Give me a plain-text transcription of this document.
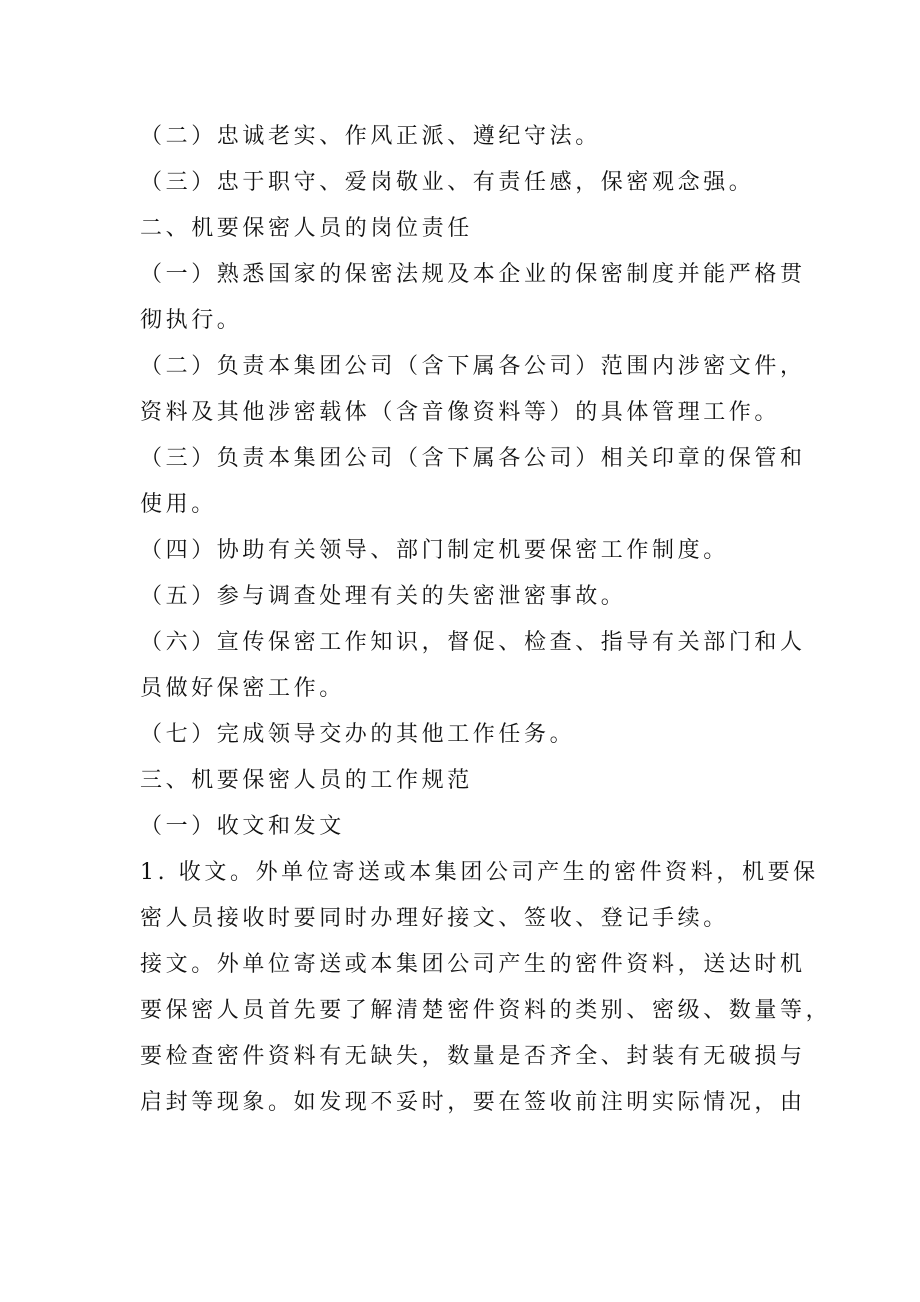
（二）忠诚老实、作风正派、遵纪守法。
（三）忠于职守、爱岗敬业、有责任感，保密观念强。
二、机要保密人员的岗位责任
（一）熟悉国家的保密法规及本企业的保密制度并能严格贯
彻执行。
（二）负责本集团公司（含下属各公司）范围内涉密文件，
资料及其他涉密载体（含音像资料等）的具体管理工作。
（三）负责本集团公司（含下属各公司）相关印章的保管和
使用。
（四）协助有关领导、部门制定机要保密工作制度。
（五）参与调查处理有关的失密泄密事故。
（六）宣传保密工作知识，督促、检查、指导有关部门和人
员做好保密工作。
（七）完成领导交办的其他工作任务。
三、机要保密人员的工作规范
（一）收文和发文
1. 收文。外单位寄送或本集团公司产生的密件资料，机要保
密人员接收时要同时办理好接文、签收、登记手续。
接文。外单位寄送或本集团公司产生的密件资料，送达时机
要保密人员首先要了解清楚密件资料的类别、密级、数量等，
要检查密件资料有无缺失，数量是否齐全、封装有无破损与
启封等现象。如发现不妥时，要在签收前注明实际情况，由
